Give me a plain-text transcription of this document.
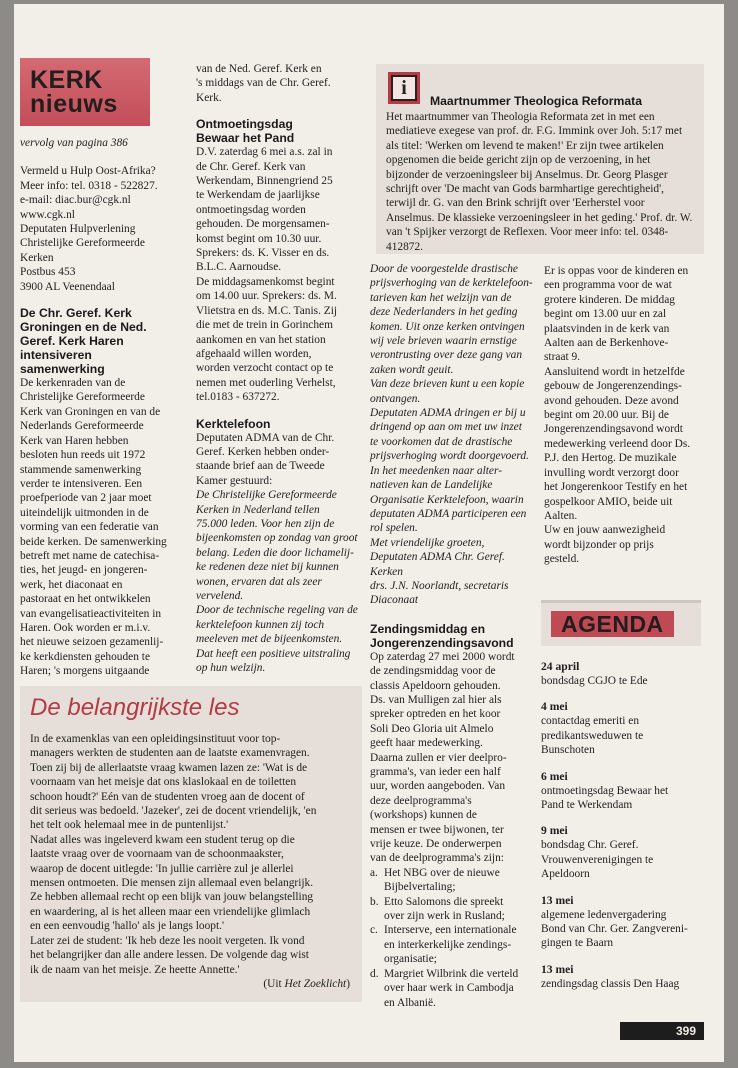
KERK
nieuws
vervolg van pagina 386
Vermeld u Hulp Oost-Afrika?
Meer info: tel. 0318 - 522827.
e-mail: diac.bur@cgk.nl
www.cgk.nl
Deputaten Hulpverlening
Christelijke Gereformeerde
Kerken
Postbus 453
3900 AL Veenendaal
De Chr. Geref. Kerk
Groningen en de Ned.
Geref. Kerk Haren
intensiveren
samenwerking
De kerkenraden van de
Christelijke Gereformeerde
Kerk van Groningen en van de
Nederlands Gereformeerde
Kerk van Haren hebben
besloten hun reeds uit 1972
stammende samenwerking
verder te intensiveren. Een
proefperiode van 2 jaar moet
uiteindelijk uitmonden in de
vorming van een federatie van
beide kerken. De samenwerking
betreft met name de catechisa-
ties, het jeugd- en jongeren-
werk, het diaconaat en
pastoraat en het ontwikkelen
van evangelisatieactiviteiten in
Haren. Ook worden er m.i.v.
het nieuwe seizoen gezamenlij-
ke kerkdiensten gehouden te
Haren; 's morgens uitgaande
van de Ned. Geref. Kerk en
's middags van de Chr. Geref.
Kerk.
Ontmoetingsdag
Bewaar het Pand
D.V. zaterdag 6 mei a.s. zal in
de Chr. Geref. Kerk van
Werkendam, Binnengriend 25
te Werkendam de jaarlijkse
ontmoetingsdag worden
gehouden. De morgensamen-
komst begint om 10.30 uur.
Sprekers: ds. K. Visser en ds.
B.L.C. Aarnoudse.
De middagsamenkomst begint
om 14.00 uur. Sprekers: ds. M.
Vlietstra en ds. M.C. Tanis. Zij
die met de trein in Gorinchem
aankomen en van het station
afgehaald willen worden,
worden verzocht contact op te
nemen met ouderling Verhelst,
tel.0183 - 637272.
Kerktelefoon
Deputaten ADMA van de Chr.
Geref. Kerken hebben onder-
staande brief aan de Tweede
Kamer gestuurd:
De Christelijke Gereformeerde
Kerken in Nederland tellen
75.000 leden. Voor hen zijn de
bijeenkomsten op zondag van groot
belang. Leden die door lichamelij-
ke redenen deze niet bij kunnen
wonen, ervaren dat als zeer
vervelend.
Door de technische regeling van de
kerktelefoon kunnen zij toch
meeleven met de bijeenkomsten.
Dat heeft een positieve uitstraling
op hun welzijn.
i
Maartnummer Theologica Reformata
Het maartnummer van Theologia Reformata zet in met een
mediatieve exegese van prof. dr. F.G. Immink over Joh. 5:17 met
als titel: 'Werken om levend te maken!' Er zijn twee artikelen
opgenomen die beide gericht zijn op de verzoening, in het
bijzonder de verzoeningsleer bij Anselmus. Dr. Georg Plasger
schrijft over 'De macht van Gods barmhartige gerechtigheid',
terwijl dr. G. van den Brink schrijft over 'Eerherstel voor
Anselmus. De klassieke verzoeningsleer in het geding.' Prof. dr. W.
van 't Spijker verzorgt de Reflexen. Voor meer info: tel. 0348-
412872.
Door de voorgestelde drastische
prijsverhoging van de kerktelefoon-
tarieven kan het welzijn van de
deze Nederlanders in het geding
komen. Uit onze kerken ontvingen
wij vele brieven waarin ernstige
verontrusting over deze gang van
zaken wordt geuit.
Van deze brieven kunt u een kopie
ontvangen.
Deputaten ADMA dringen er bij u
dringend op aan om met uw inzet
te voorkomen dat de drastische
prijsverhoging wordt doorgevoerd.
In het meedenken naar alter-
natieven kan de Landelijke
Organisatie Kerktelefoon, waarin
deputaten ADMA participeren een
rol spelen.
Met vriendelijke groeten,
Deputaten ADMA Chr. Geref.
Kerken
drs. J.N. Noorlandt, secretaris
Diaconaat
Zendingsmiddag en
Jongerenzendingsavond
Op zaterdag 27 mei 2000 wordt
de zendingsmiddag voor de
classis Apeldoorn gehouden.
Ds. van Mulligen zal hier als
spreker optreden en het koor
Soli Deo Gloria uit Almelo
geeft haar medewerking.
Daarna zullen er vier deelpro-
gramma's, van ieder een half
uur, worden aangeboden. Van
deze deelprogramma's
(workshops) kunnen de
mensen er twee bijwonen, ter
vrije keuze. De onderwerpen
van de deelprogramma's zijn:
a. Het NBG over de nieuwe
Bijbelvertaling;
b. Etto Salomons die spreekt
over zijn werk in Rusland;
c. Interserve, een internationale
en interkerkelijke zendings-
organisatie;
d. Margriet Wilbrink die verteld
over haar werk in Cambodja
en Albanië.
Er is oppas voor de kinderen en
een programma voor de wat
grotere kinderen. De middag
begint om 13.00 uur en zal
plaatsvinden in de kerk van
Aalten aan de Berkenhove-
straat 9.
Aansluitend wordt in hetzelfde
gebouw de Jongerenzendings-
avond gehouden. Deze avond
begint om 20.00 uur. Bij de
Jongerenzendingsavond wordt
medewerking verleend door Ds.
P.J. den Hertog. De muzikale
invulling wordt verzorgt door
het Jongerenkoor Testify en het
gospelkoor AMIO, beide uit
Aalten.
Uw en jouw aanwezigheid
wordt bijzonder op prijs
gesteld.
AGENDA
24 april
bondsdag CGJO te Ede
4 mei
contactdag emeriti en
predikantsweduwen te
Bunschoten
6 mei
ontmoetingsdag Bewaar het
Pand te Werkendam
9 mei
bondsdag Chr. Geref.
Vrouwenverenigingen te
Apeldoorn
13 mei
algemene ledenvergadering
Bond van Chr. Ger. Zangvereni-
gingen te Baarn
13 mei
zendingsdag classis Den Haag
De belangrijkste les
In de examenklas van een opleidingsinstituut voor top-
managers werkten de studenten aan de laatste examenvragen.
Toen zij bij de allerlaatste vraag kwamen lazen ze: 'Wat is de
voornaam van het meisje dat ons klaslokaal en de toiletten
schoon houdt?' Eén van de studenten vroeg aan de docent of
dit serieus was bedoeld. 'Jazeker', zei de docent vriendelijk, 'en
het telt ook helemaal mee in de puntenlijst.'
Nadat alles was ingeleverd kwam een student terug op die
laatste vraag over de voornaam van de schoonmaakster,
waarop de docent uitlegde: 'In jullie carrière zul je allerlei
mensen ontmoeten. Die mensen zijn allemaal even belangrijk.
Ze hebben allemaal recht op een blijk van jouw belangstelling
en waardering, al is het alleen maar een vriendelijke glimlach
en een eenvoudig 'hallo' als je langs loopt.'
Later zei de student: 'Ik heb deze les nooit vergeten. Ik vond
het belangrijker dan alle andere lessen. De volgende dag wist
ik de naam van het meisje. Ze heette Annette.'
(Uit Het Zoeklicht)
399
